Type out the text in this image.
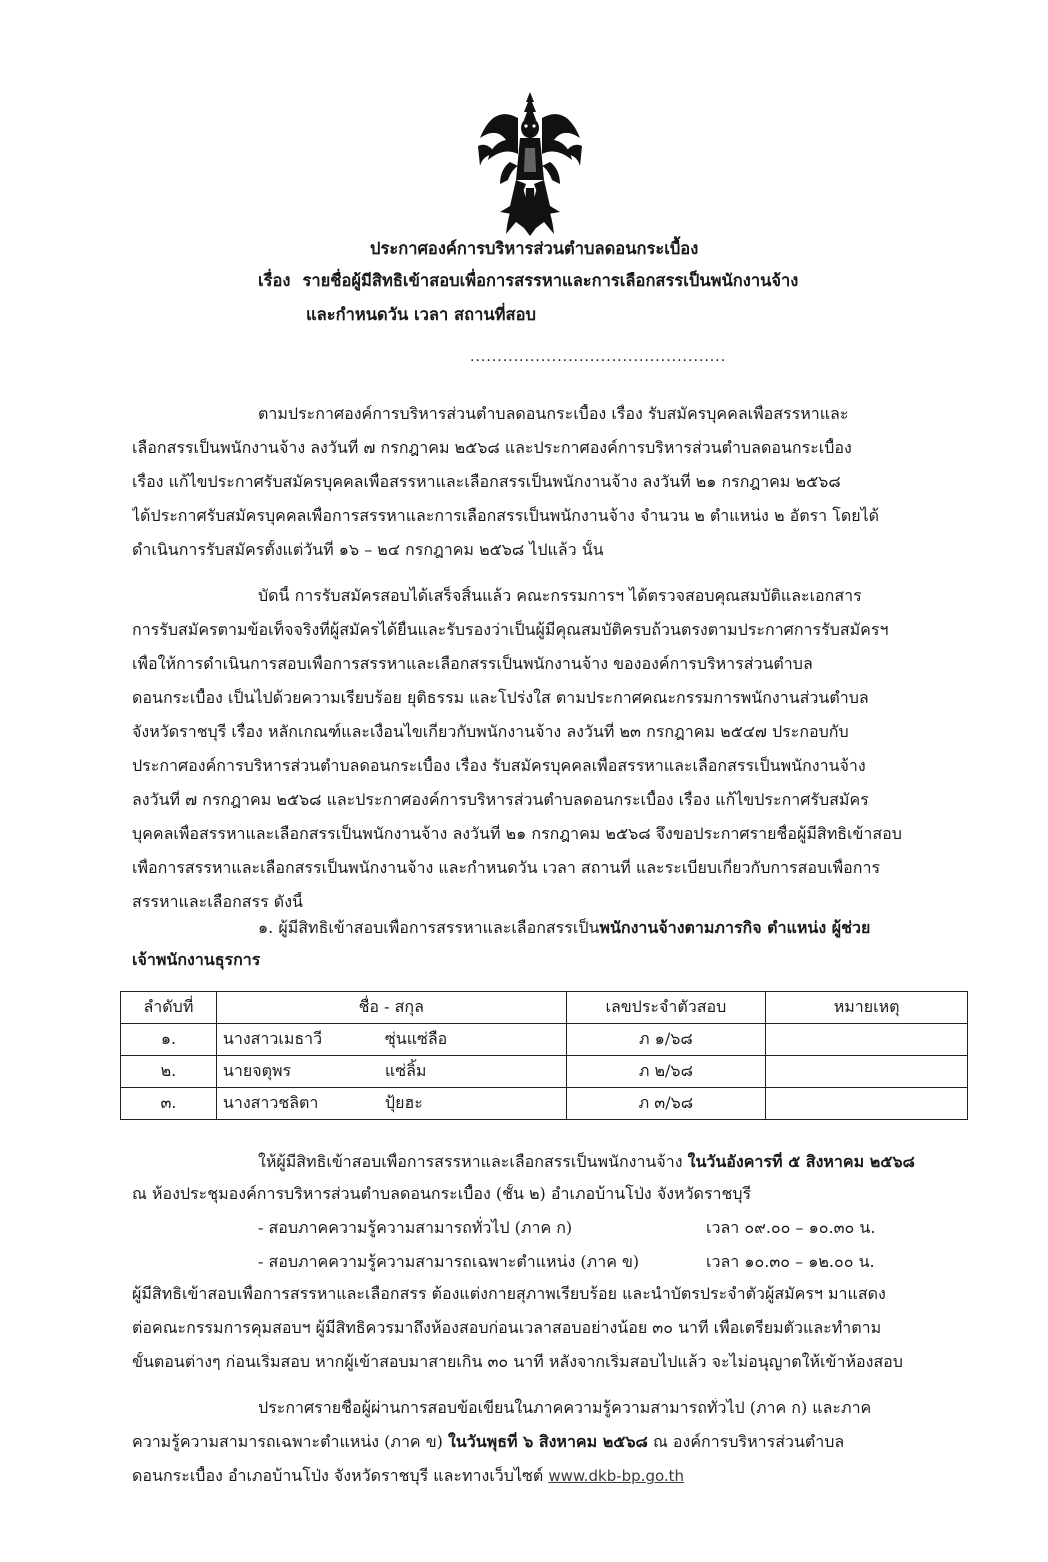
ประกาศองค์การบริหารส่วนตำบลดอนกระเบื้อง
เรื่อง รายชื่อผู้มีสิทธิเข้าสอบเพื่อการสรรหาและการเลือกสรรเป็นพนักงานจ้าง
และกำหนดวัน เวลา สถานที่สอบ
...............................................
ตามประกาศองค์การบริหารส่วนตำบลดอนกระเบื้อง เรื่อง รับสมัครบุคคลเพื่อสรรหาและ
เลือกสรรเป็นพนักงานจ้าง ลงวันที่ ๗ กรกฎาคม ๒๕๖๘ และประกาศองค์การบริหารส่วนตำบลดอนกระเบื้อง
เรื่อง แก้ไขประกาศรับสมัครบุคคลเพื่อสรรหาและเลือกสรรเป็นพนักงานจ้าง ลงวันที่ ๒๑ กรกฎาคม ๒๕๖๘
ได้ประกาศรับสมัครบุคคลเพื่อการสรรหาและการเลือกสรรเป็นพนักงานจ้าง จำนวน ๒ ตำแหน่ง ๒ อัตรา โดยได้
ดำเนินการรับสมัครตั้งแต่วันที่ ๑๖ – ๒๔ กรกฎาคม ๒๕๖๘ ไปแล้ว นั้น
บัดนี้ การรับสมัครสอบได้เสร็จสิ้นแล้ว คณะกรรมการฯ ได้ตรวจสอบคุณสมบัติและเอกสาร
การรับสมัครตามข้อเท็จจริงที่ผู้สมัครได้ยื่นและรับรองว่าเป็นผู้มีคุณสมบัติครบถ้วนตรงตามประกาศการรับสมัครฯ
เพื่อให้การดำเนินการสอบเพื่อการสรรหาและเลือกสรรเป็นพนักงานจ้าง ขององค์การบริหารส่วนตำบล
ดอนกระเบื้อง เป็นไปด้วยความเรียบร้อย ยุติธรรม และโปร่งใส ตามประกาศคณะกรรมการพนักงานส่วนตำบล
จังหวัดราชบุรี เรื่อง หลักเกณฑ์และเงื่อนไขเกี่ยวกับพนักงานจ้าง ลงวันที่ ๒๓ กรกฎาคม ๒๕๔๗ ประกอบกับ
ประกาศองค์การบริหารส่วนตำบลดอนกระเบื้อง เรื่อง รับสมัครบุคคลเพื่อสรรหาและเลือกสรรเป็นพนักงานจ้าง
ลงวันที่ ๗ กรกฎาคม ๒๕๖๘ และประกาศองค์การบริหารส่วนตำบลดอนกระเบื้อง เรื่อง แก้ไขประกาศรับสมัคร
บุคคลเพื่อสรรหาและเลือกสรรเป็นพนักงานจ้าง ลงวันที่ ๒๑ กรกฎาคม ๒๕๖๘ จึงขอประกาศรายชื่อผู้มีสิทธิเข้าสอบ
เพื่อการสรรหาและเลือกสรรเป็นพนักงานจ้าง และกำหนดวัน เวลา สถานที่ และระเบียบเกี่ยวกับการสอบเพื่อการ
สรรหาและเลือกสรร ดังนี้
๑. ผู้มีสิทธิเข้าสอบเพื่อการสรรหาและเลือกสรรเป็นพนักงานจ้างตามภารกิจ ตำแหน่ง ผู้ช่วย
เจ้าพนักงานธุรการ
ลำดับที่	ชื่อ - สกุล	เลขประจำตัวสอบ	หมายเหตุ
๑.	นางสาวเมธาวี ซุ่นแซ่ลือ	ภ ๑/๖๘	
๒.	นายจตุพร แซ่ลิ้ม	ภ ๒/๖๘	
๓.	นางสาวชลิตา ปุ้ยฮะ	ภ ๓/๖๘	
ให้ผู้มีสิทธิเข้าสอบเพื่อการสรรหาและเลือกสรรเป็นพนักงานจ้าง ในวันอังคารที่ ๕ สิงหาคม ๒๕๖๘
ณ ห้องประชุมองค์การบริหารส่วนตำบลดอนกระเบื้อง (ชั้น ๒) อำเภอบ้านโป่ง จังหวัดราชบุรี
- สอบภาคความรู้ความสามารถทั่วไป (ภาค ก)	เวลา ๐๙.๐๐ – ๑๐.๓๐ น.
- สอบภาคความรู้ความสามารถเฉพาะตำแหน่ง (ภาค ข)	เวลา ๑๐.๓๐ – ๑๒.๐๐ น.
ผู้มีสิทธิเข้าสอบเพื่อการสรรหาและเลือกสรร ต้องแต่งกายสุภาพเรียบร้อย และนำบัตรประจำตัวผู้สมัครฯ มาแสดง
ต่อคณะกรรมการคุมสอบฯ ผู้มีสิทธิควรมาถึงห้องสอบก่อนเวลาสอบอย่างน้อย ๓๐ นาที เพื่อเตรียมตัวและทำตาม
ขั้นตอนต่างๆ ก่อนเริ่มสอบ หากผู้เข้าสอบมาสายเกิน ๓๐ นาที หลังจากเริ่มสอบไปแล้ว จะไม่อนุญาตให้เข้าห้องสอบ
ประกาศรายชื่อผู้ผ่านการสอบข้อเขียนในภาคความรู้ความสามารถทั่วไป (ภาค ก) และภาค
ความรู้ความสามารถเฉพาะตำแหน่ง (ภาค ข) ในวันพุธที่ ๖ สิงหาคม ๒๕๖๘ ณ องค์การบริหารส่วนตำบล
ดอนกระเบื้อง อำเภอบ้านโป่ง จังหวัดราชบุรี และทางเว็บไซต์ www.dkb-bp.go.th
